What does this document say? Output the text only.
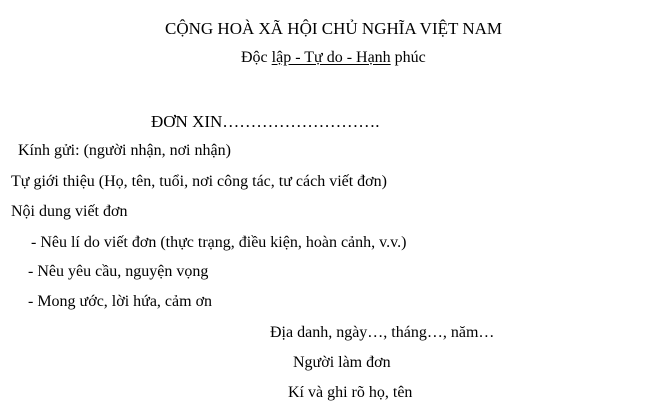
CỘNG HOÀ XÃ HỘI CHỦ NGHĨA VIỆT NAM
Độc lập - Tự do - Hạnh phúc
ĐƠN XIN……………………….
Kính gửi: (người nhận, nơi nhận)
Tự giới thiệu (Họ, tên, tuổi, nơi công tác, tư cách viết đơn)
Nội dung viết đơn
- Nêu lí do viết đơn (thực trạng, điều kiện, hoàn cảnh, v.v.)
- Nêu yêu cầu, nguyện vọng
- Mong ước, lời hứa, cảm ơn
Địa danh, ngày…, tháng…, năm…
Người làm đơn
Kí và ghi rõ họ, tên
